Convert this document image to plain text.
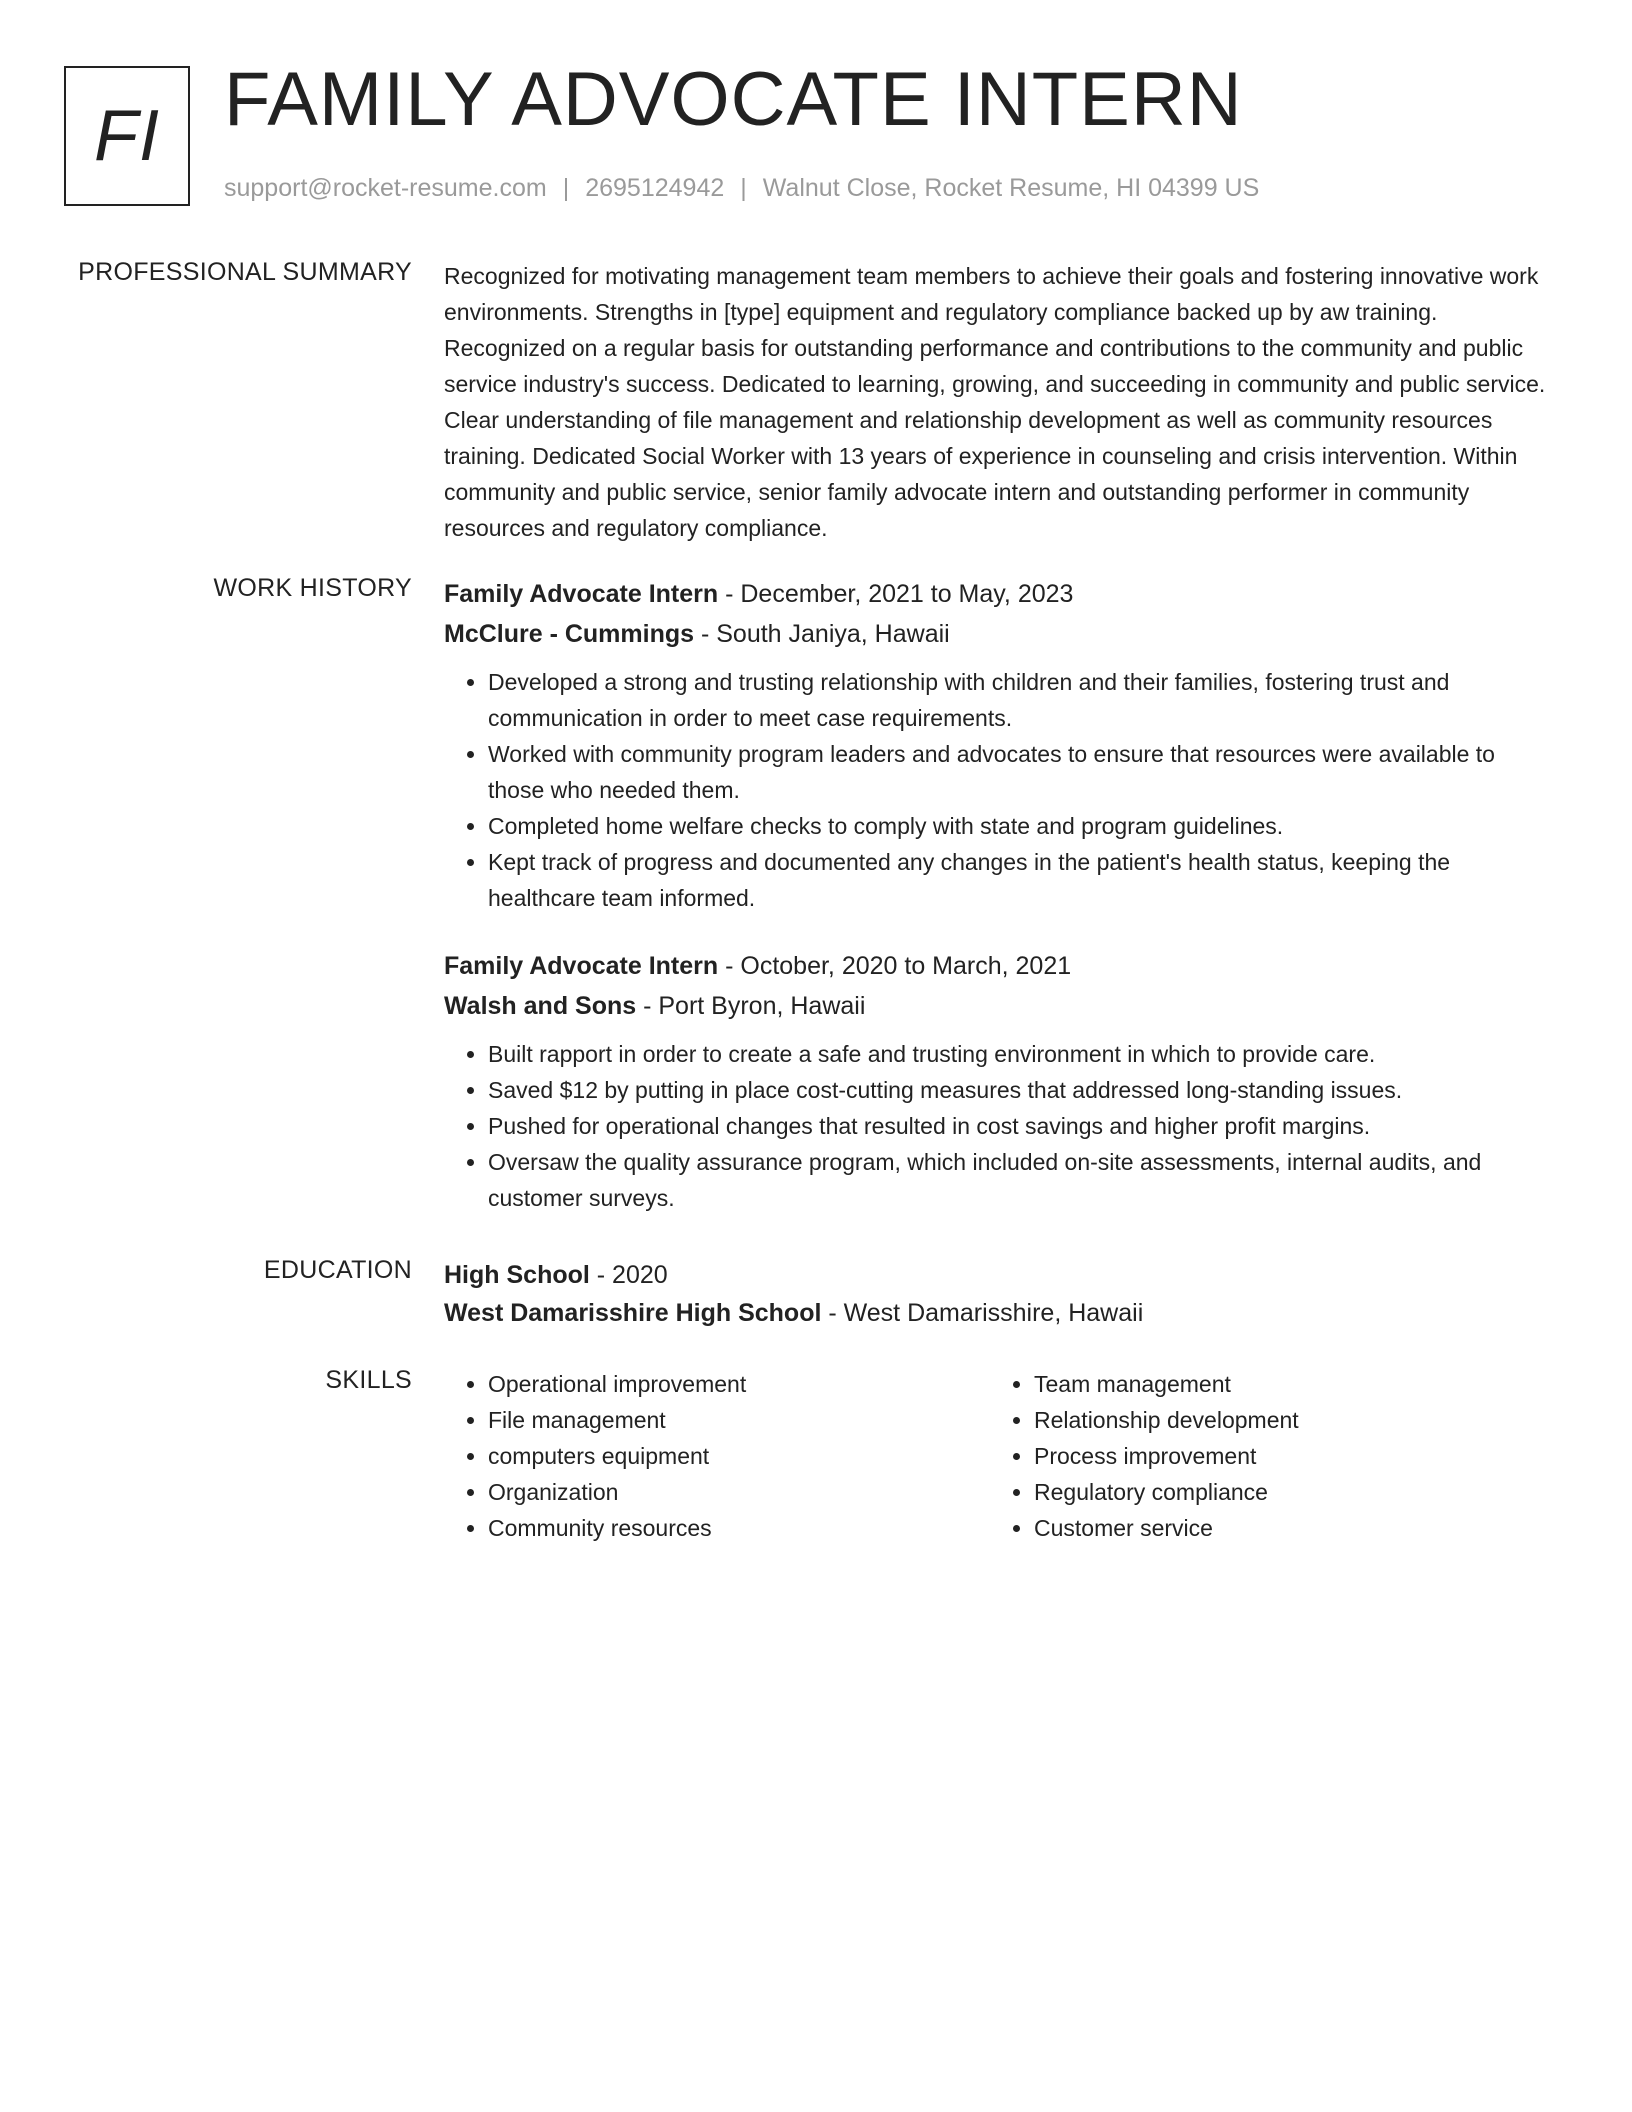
FI FAMILY ADVOCATE INTERN
support@rocket-resume.com | 2695124942 | Walnut Close, Rocket Resume, HI 04399 US
PROFESSIONAL SUMMARY Recognized for motivating management team members to achieve their goals and fostering innovative work environments. Strengths in [type] equipment and regulatory compliance backed up by aw training. Recognized on a regular basis for outstanding performance and contributions to the community and public service industry's success. Dedicated to learning, growing, and succeeding in community and public service. Clear understanding of file management and relationship development as well as community resources training. Dedicated Social Worker with 13 years of experience in counseling and crisis intervention. Within community and public service, senior family advocate intern and outstanding performer in community resources and regulatory compliance.

WORK HISTORY Family Advocate Intern - December, 2021 to May, 2023
McClure - Cummings - South Janiya, Hawaii
• Developed a strong and trusting relationship with children and their families, fostering trust and communication in order to meet case requirements.
• Worked with community program leaders and advocates to ensure that resources were available to those who needed them.
• Completed home welfare checks to comply with state and program guidelines.
• Kept track of progress and documented any changes in the patient's health status, keeping the healthcare team informed.
Family Advocate Intern - October, 2020 to March, 2021
Walsh and Sons - Port Byron, Hawaii
• Built rapport in order to create a safe and trusting environment in which to provide care.
• Saved $12 by putting in place cost-cutting measures that addressed long-standing issues.
• Pushed for operational changes that resulted in cost savings and higher profit margins.
• Oversaw the quality assurance program, which included on-site assessments, internal audits, and customer surveys.
EDUCATION High School - 2020
West Damarisshire High School - West Damarisshire, Hawaii
SKILLS
•	Operational improvement
• File management
• computers equipment
• Organization
• Community resources
• Team management
• Relationship development
• Process improvement
• Regulatory compliance
• Customer service
